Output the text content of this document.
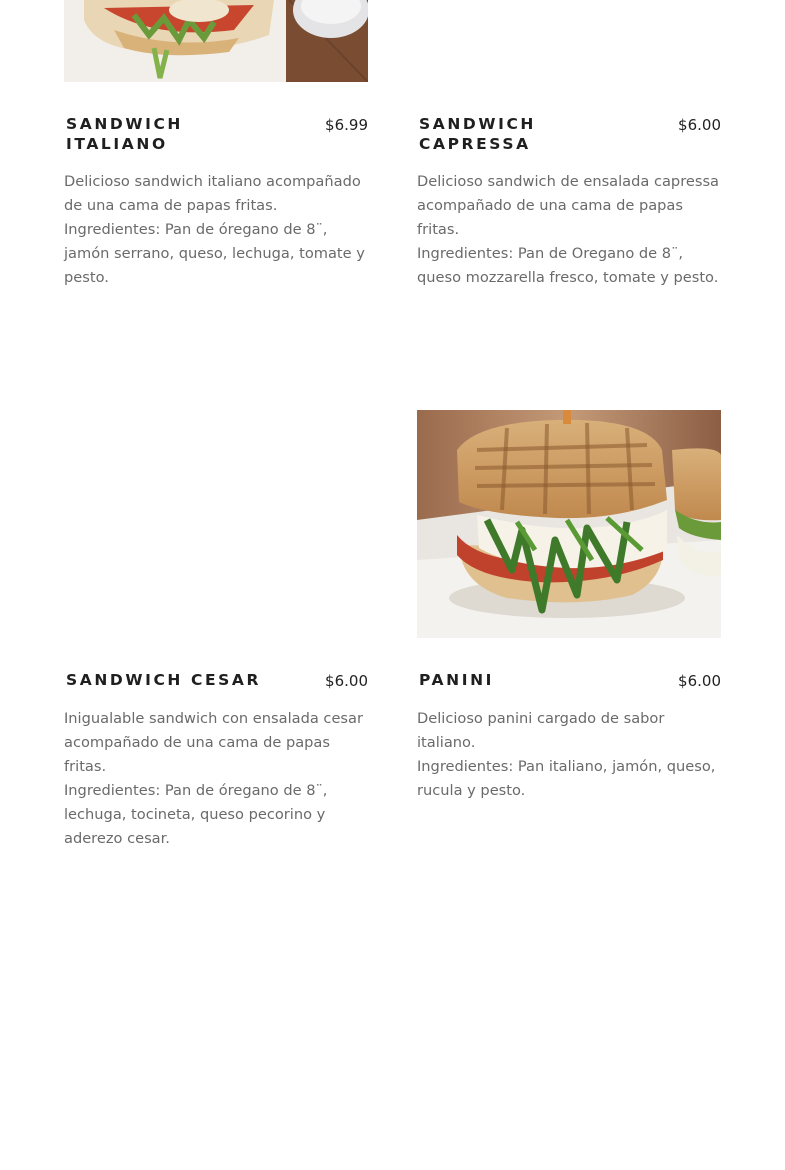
SANDWICH ITALIANO
$6.99
Delicioso sandwich italiano acompañado de una cama de papas fritas.
Ingredientes: Pan de óregano de 8¨, jamón serrano, queso, lechuga, tomate y pesto.
SANDWICH CAPRESSA
$6.00
Delicioso sandwich de ensalada capressa acompañado de una cama de papas fritas.
Ingredientes: Pan de Oregano de 8¨, queso mozzarella fresco, tomate y pesto.
SANDWICH CESAR	$6.00
Inigualable sandwich con ensalada cesar acompañado de una cama de papas fritas.
Ingredientes: Pan de óregano de 8¨, lechuga, tocineta, queso pecorino y aderezo cesar.
PANINI	$6.00
Delicioso panini cargado de sabor italiano.
Ingredientes: Pan italiano, jamón, queso, rucula y pesto.
